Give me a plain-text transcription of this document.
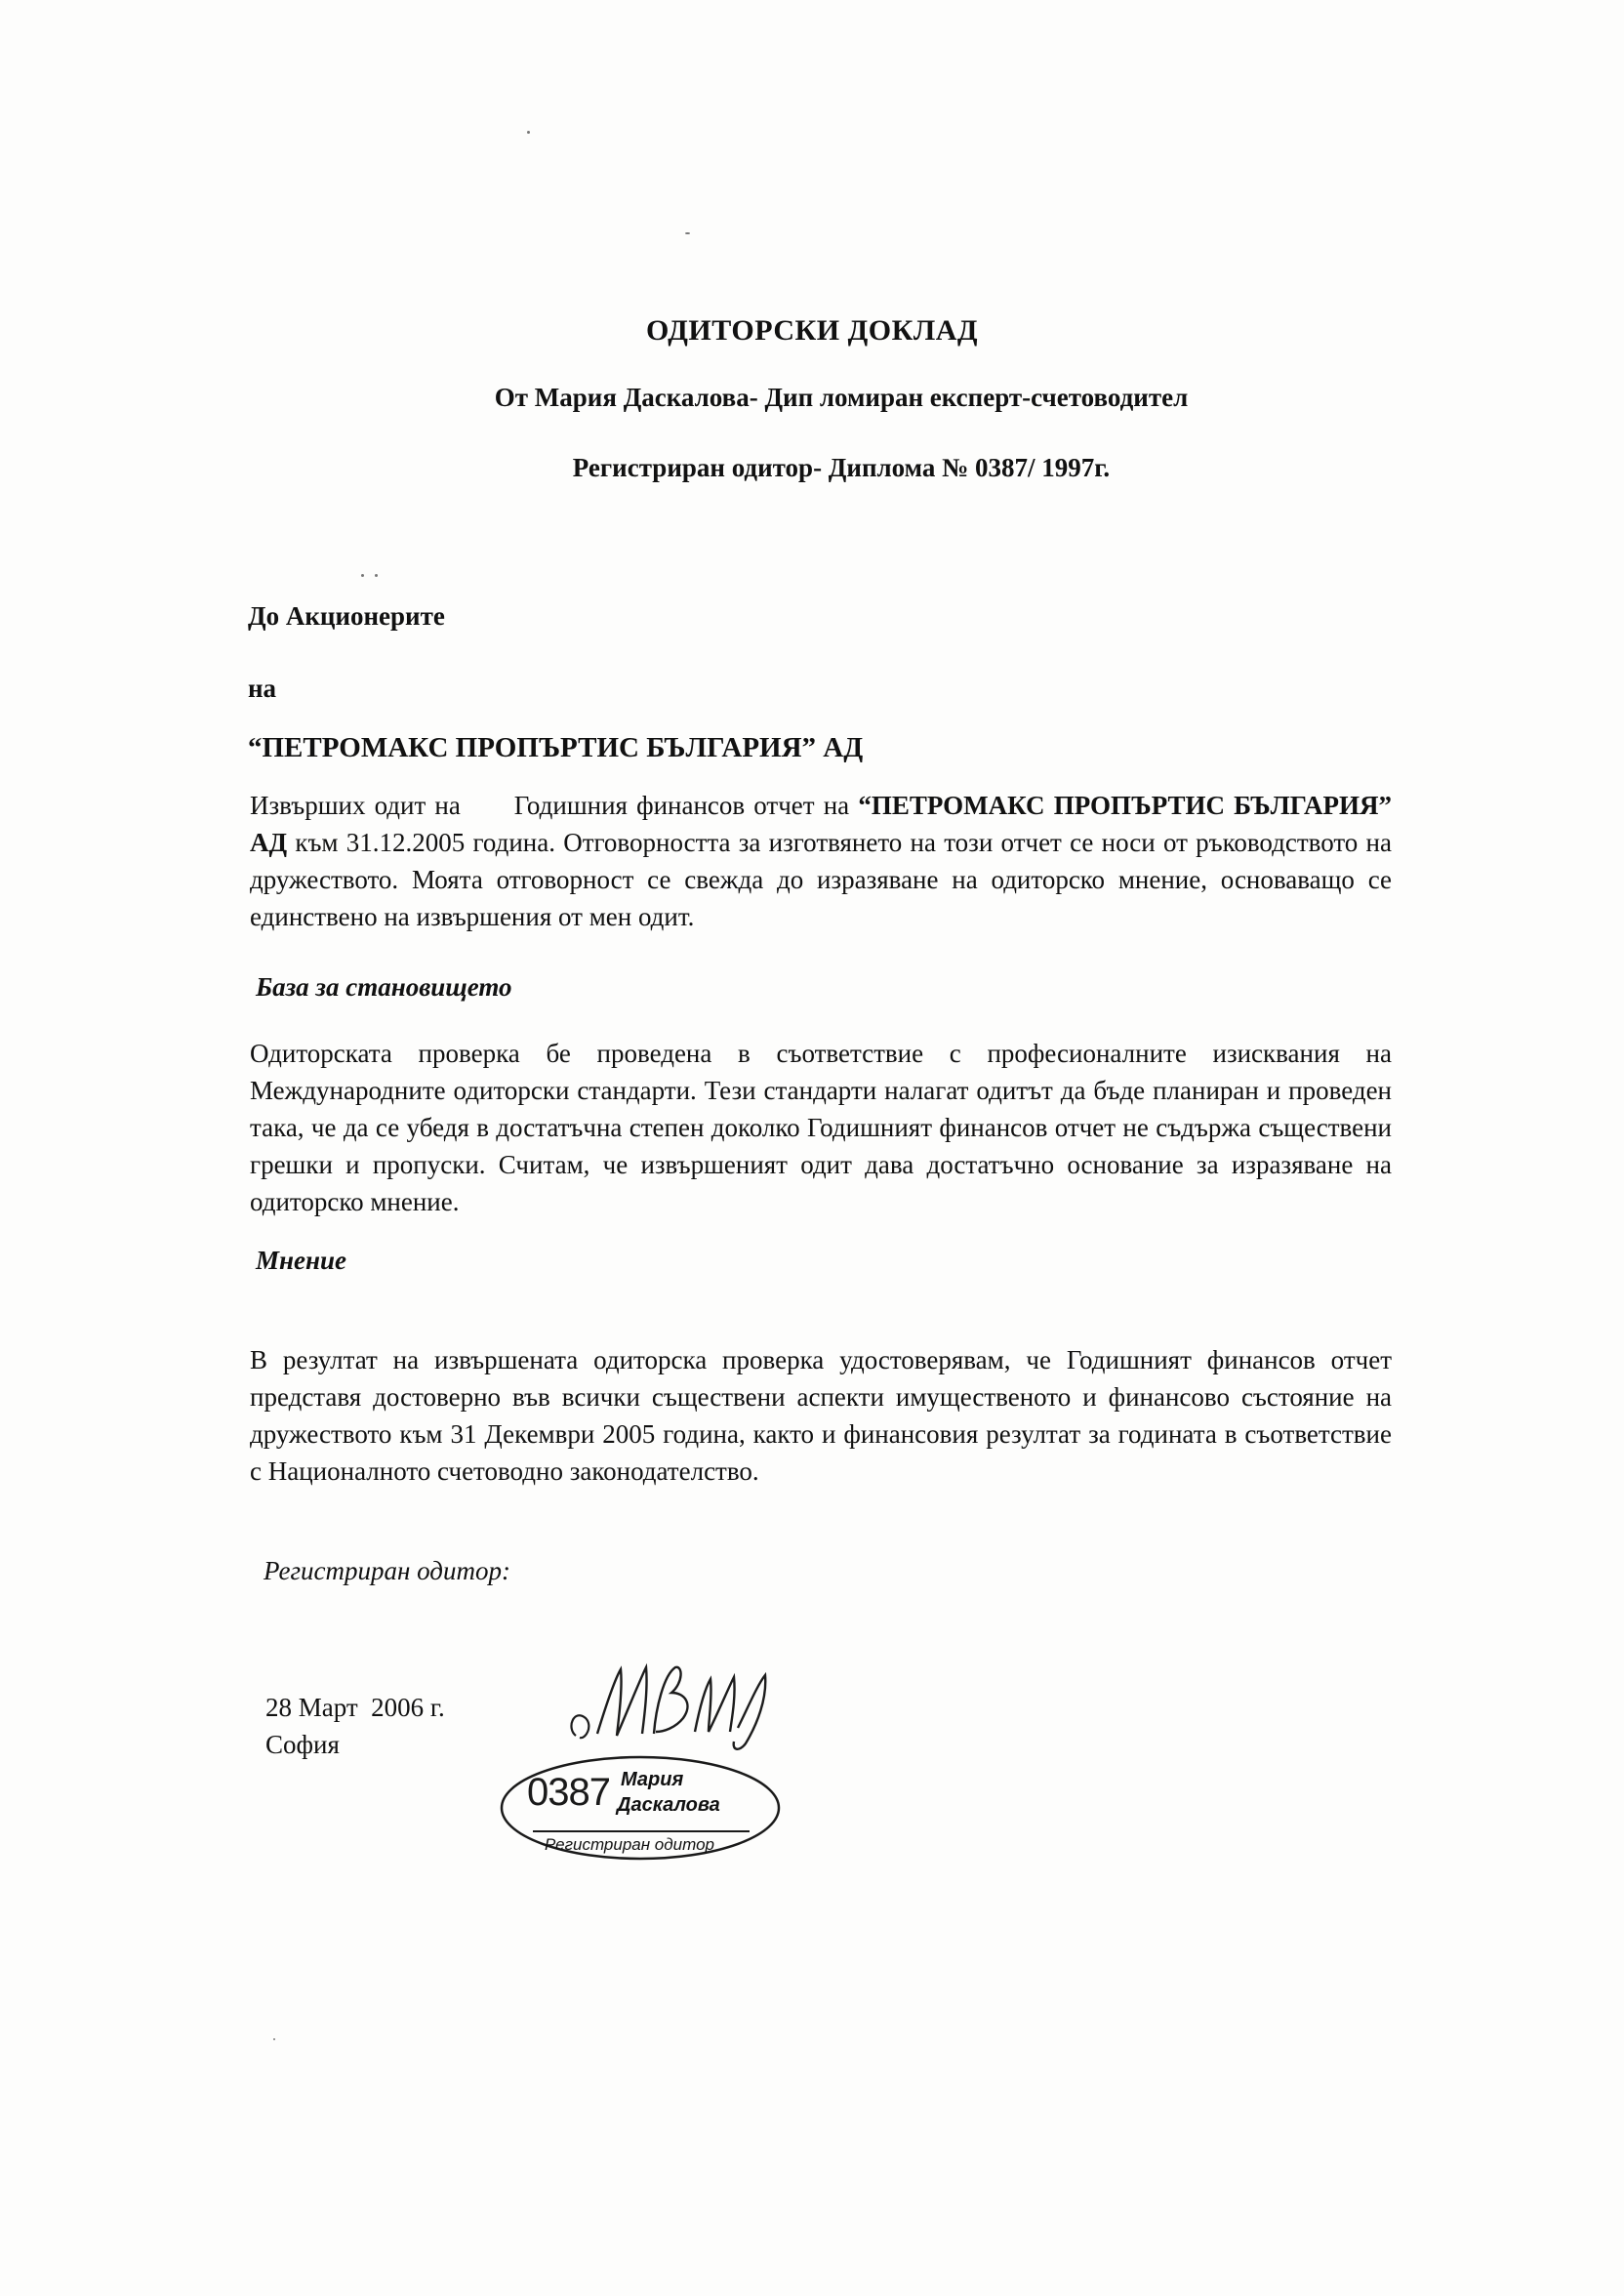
ОДИТОРСКИ ДОКЛАД
От Мария Даскалова- Дип ломиран експерт-счетоводител
Регистриран одитор- Диплома № 0387/ 1997г.
До Акционерите
на
“ПЕТРОМАКС ПРОПЪРТИС БЪЛГАРИЯ” АД
Извърших одит на      Годишния финансов отчет на “ПЕТРОМАКС ПРОПЪРТИС БЪЛГАРИЯ” АД към 31.12.2005 година. Отговорността за изготвянето на този отчет се носи от ръководството на дружеството. Моята отговорност се свежда до изразяване на одиторско мнение, основаващо се единствено на извършения от мен одит.
База за становището
Одиторската проверка бе проведена в съответствие с професионалните изисквания на Международните одиторски стандарти. Тези стандарти налагат одитът да бъде планиран и проведен така, че да се убедя в достатъчна степен доколко Годишният финансов отчет не съдържа съществени грешки и пропуски. Считам, че извършеният одит дава достатъчно основание за изразяване на одиторско мнение.
Мнение
В резултат на извършената одиторска проверка удостоверявам, че Годишният финансов отчет представя достоверно във всички съществени аспекти имущественото и финансово състояние на дружеството към 31 Декември 2005 година, както и финансовия резултат за годината в съответствие с Националното счетоводно законодателство.
Регистриран одитор:
28 Март  2006 г.
София
0387 Мария
Даскалова
Регистриран одитор
